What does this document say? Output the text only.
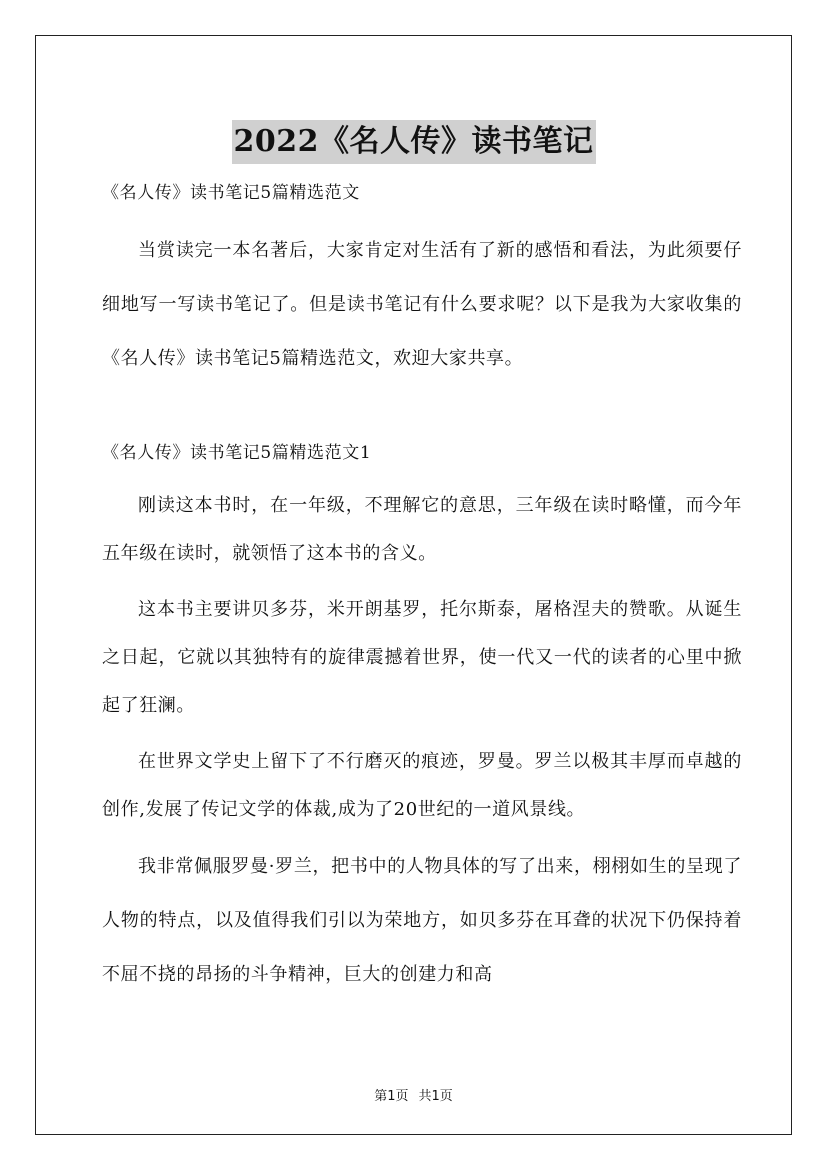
2022《名人传》读书笔记

《名人传》读书笔记5篇精选范文

当赏读完一本名著后，大家肯定对生活有了新的感悟和看法，为此须要仔细地写一写读书笔记了。但是读书笔记有什么要求呢？以下是我为大家收集的《名人传》读书笔记5篇精选范文，欢迎大家共享。

《名人传》读书笔记5篇精选范文1

刚读这本书时，在一年级，不理解它的意思，三年级在读时略懂，而今年五年级在读时，就领悟了这本书的含义。

这本书主要讲贝多芬，米开朗基罗，托尔斯泰，屠格涅夫的赞歌。从诞生之日起，它就以其独特有的旋律震撼着世界，使一代又一代的读者的心里中掀起了狂澜。

在世界文学史上留下了不行磨灭的痕迹，罗曼。罗兰以极其丰厚而卓越的创作,发展了传记文学的体裁,成为了20世纪的一道风景线。

我非常佩服罗曼·罗兰，把书中的人物具体的写了出来，栩栩如生的呈现了人物的特点，以及值得我们引以为荣地方，如贝多芬在耳聋的状况下仍保持着不屈不挠的昂扬的斗争精神，巨大的创建力和高

第1页 共1页
